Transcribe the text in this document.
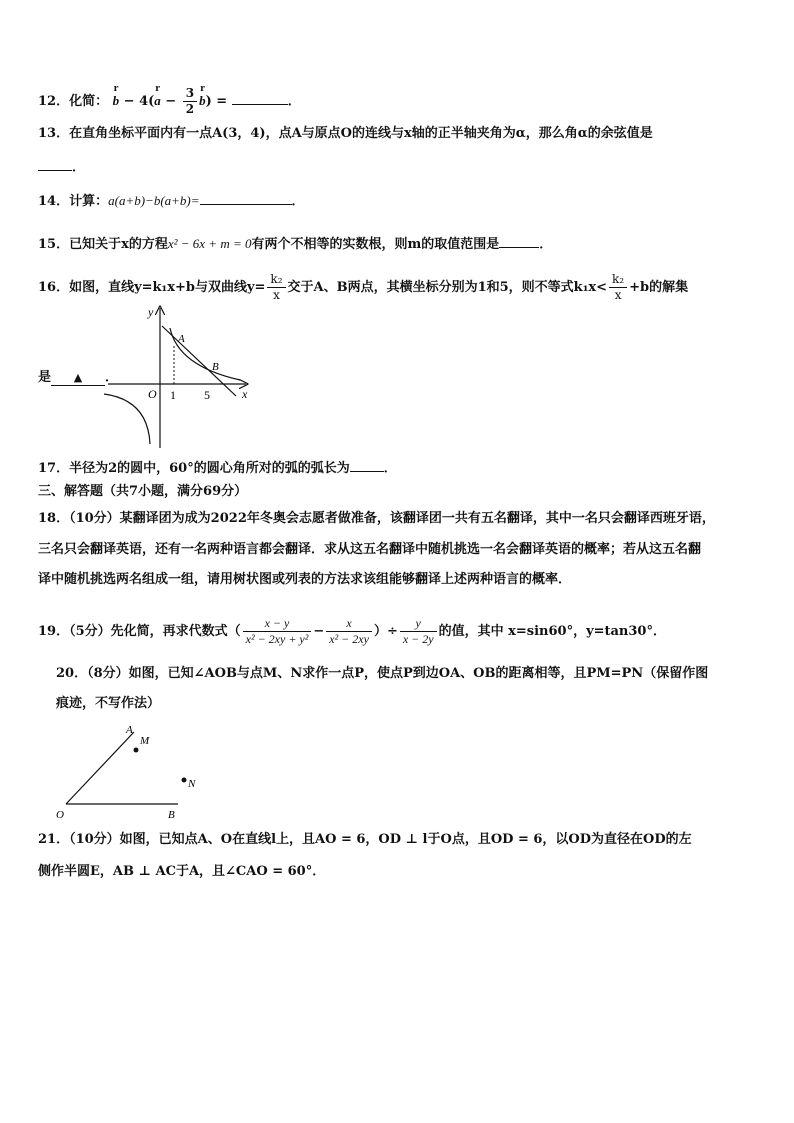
12．化简： r b − 4(r $a - \frac{3}{2}$ r b) =	．
13．在直角坐标平面内有一点A(3，4)，点A与原点O的连线与x轴的正半轴夹角为α，那么角α的余弦值是
．
14．计算：a(a+b)−b(a+b)=	．
15．已知关于x的方程x² − 6x + m = 0有两个不相等的实数根，则m的取值范围是	．
16．如图，直线y=k₁x+b与双曲线$y= \frac{\text{k₂}}{x}$ 交于A、B两点，其横坐标分别为1和5，则不等式$k_1x< \frac{\text{k₂}}{x} +b$的解集
是 ▲ ．
y
x
O 1 5
A
B
17．半径为2的圆中，60°的圆心角所对的弧的弧长为	．
三、解答题（共7小题，满分69分）
18．（10分）某翻译团为成为2022年冬奥会志愿者做准备，该翻译团一共有五名翻译，其中一名只会翻译西班牙语，
三名只会翻译英语，还有一名两种语言都会翻译．求从这五名翻译中随机挑选一名会翻译英语的概率；若从这五名翻
译中随机挑选两名组成一组，请用树状图或列表的方法求该组能够翻译上述两种语言的概率．
19．（5分）先化简，再求代数式（ $\frac{x - y}{\text{x² − 2xy + y²}} - \frac{x}{\text{x² − 2xy}}$ ）÷ $\frac{y}{x - 2y}$ 的值，其中 x=sin60°，y=tan30°．
20．（8分）如图，已知∠AOB与点M、N求作一点P，使点P到边OA、OB的距离相等，且PM=PN（保留作图
痕迹，不写作法）
A
M
N
O	B
21．（10分）如图，已知点A、O在直线l上，且AO = 6，OD ⊥ l于O点，且OD = 6，以OD为直径在OD的左
侧作半圆E，AB ⊥ AC于A，且∠CAO = 60°．
